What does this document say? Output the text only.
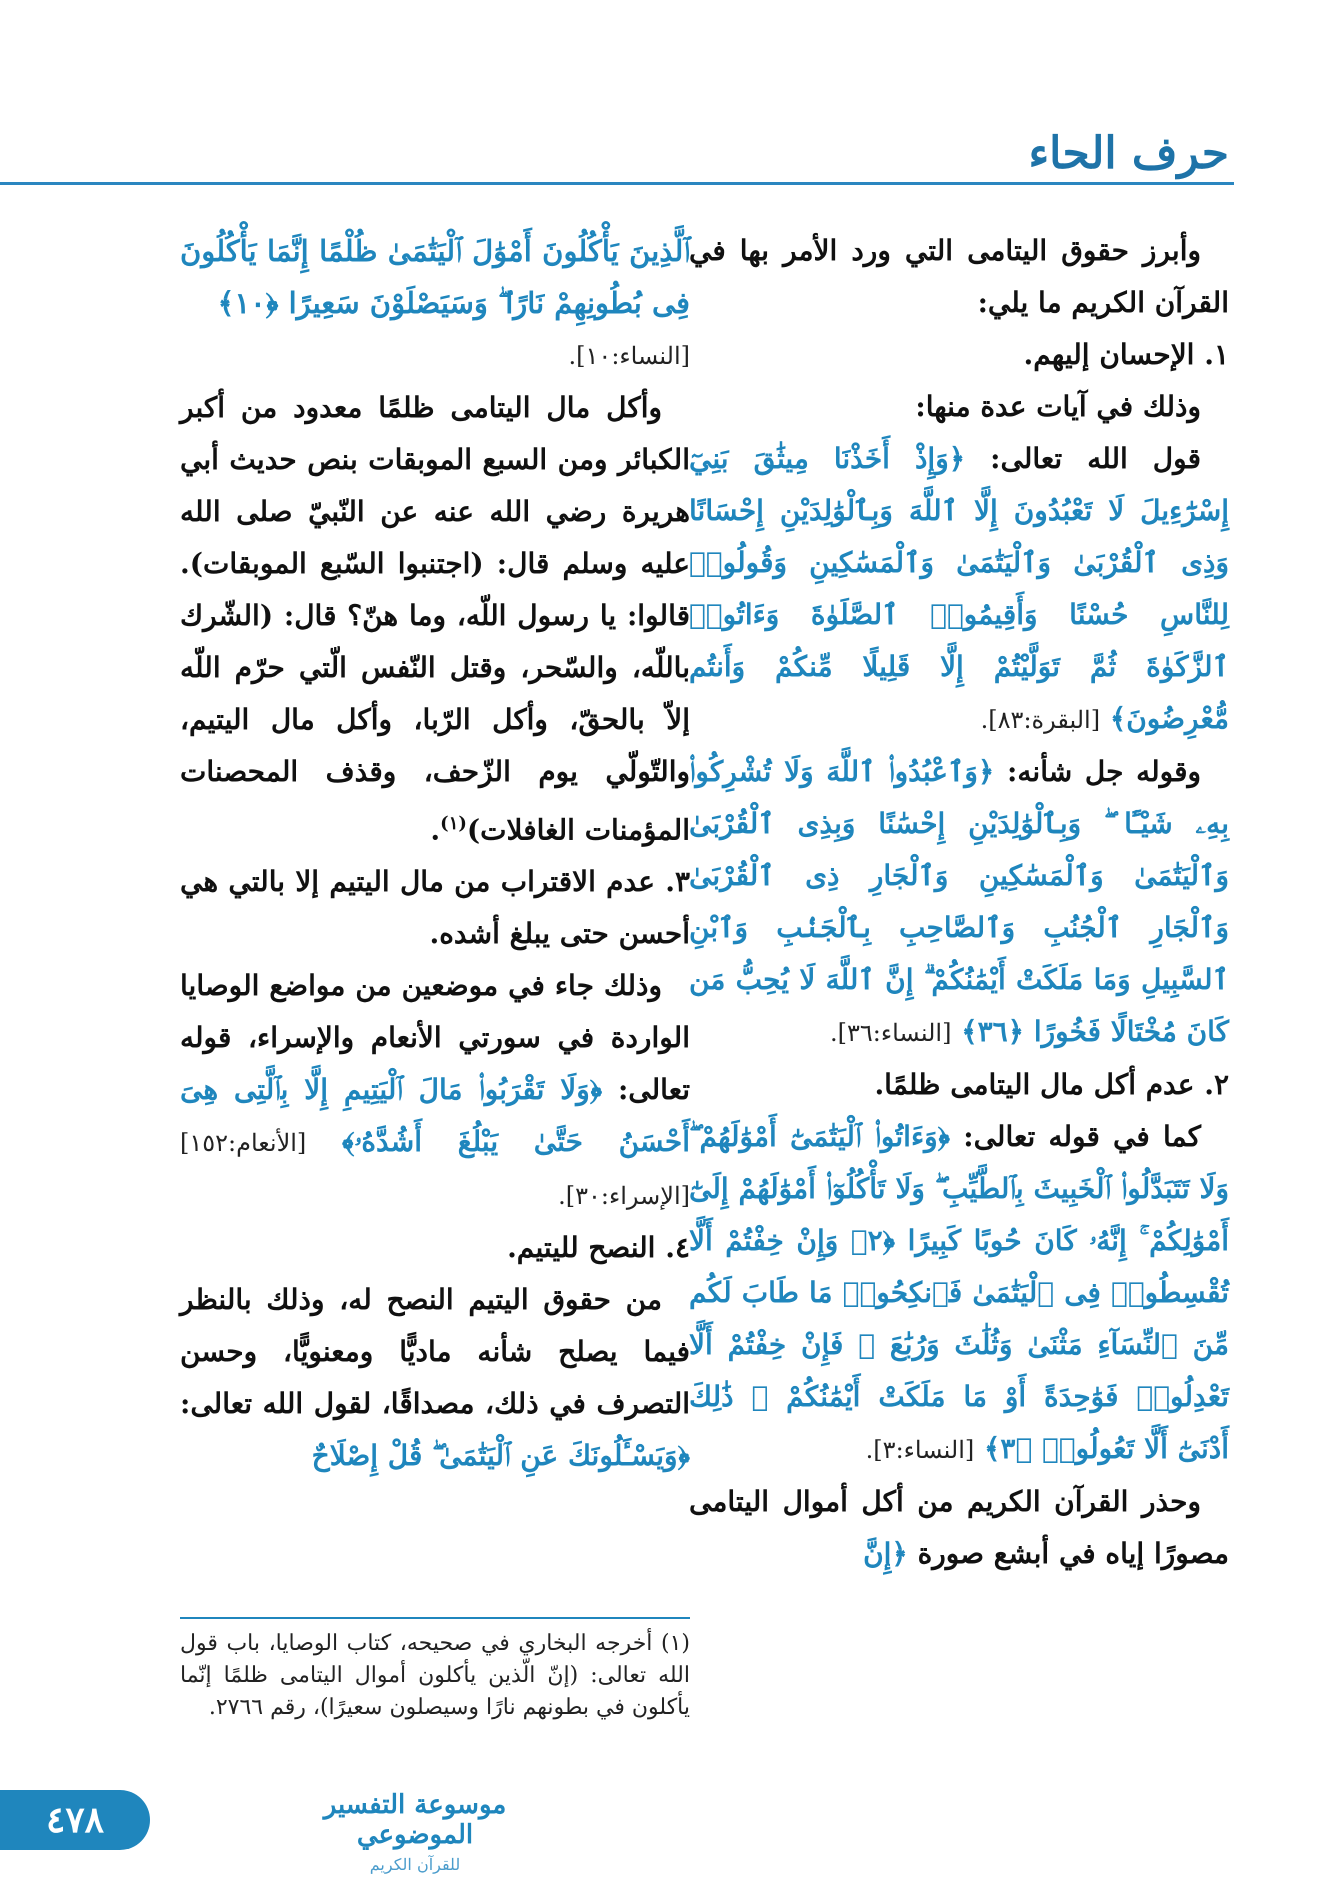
حرف الحاء

وأبرز حقوق اليتامى التي ورد الأمر بها في القرآن الكريم ما يلي:

١. الإحسان إليهم.

وذلك في آيات عدة منها:

قول الله تعالى: ﴿وَإِذْ أَخَذْنَا مِيثَٰقَ بَنِيٓ إِسْرَٰٓءِيلَ لَا تَعْبُدُونَ إِلَّا ٱللَّهَ وَبِٱلْوَٰلِدَيْنِ إِحْسَانًا وَذِى ٱلْقُرْبَىٰ وَٱلْيَتَٰمَىٰ وَٱلْمَسَٰكِينِ وَقُولُوا۟ لِلنَّاسِ حُسْنًا وَأَقِيمُوا۟ ٱلصَّلَوٰةَ وَءَاتُوا۟ ٱلزَّكَوٰةَ ثُمَّ تَوَلَّيْتُمْ إِلَّا قَلِيلًا مِّنكُمْ وَأَنتُم مُّعْرِضُونَ﴾ [البقرة:٨٣].

وقوله جل شأنه: ﴿وَٱعْبُدُوا۟ ٱللَّهَ وَلَا تُشْرِكُوا۟ بِهِۦ شَيْـًٔا ۖ وَبِٱلْوَٰلِدَيْنِ إِحْسَٰنًا وَبِذِى ٱلْقُرْبَىٰ وَٱلْيَتَٰمَىٰ وَٱلْمَسَٰكِينِ وَٱلْجَارِ ذِى ٱلْقُرْبَىٰ وَٱلْجَارِ ٱلْجُنُبِ وَٱلصَّاحِبِ بِٱلْجَنۢبِ وَٱبْنِ ٱلسَّبِيلِ وَمَا مَلَكَتْ أَيْمَٰنُكُمْ ۗ إِنَّ ٱللَّهَ لَا يُحِبُّ مَن كَانَ مُخْتَالًا فَخُورًا ﴿٣٦﴾ [النساء:٣٦].

٢. عدم أكل مال اليتامى ظلمًا.

كما في قوله تعالى: ﴿وَءَاتُوا۟ ٱلْيَتَٰمَىٰٓ أَمْوَٰلَهُمْ ۖ وَلَا تَتَبَدَّلُوا۟ ٱلْخَبِيثَ بِٱلطَّيِّبِ ۖ وَلَا تَأْكُلُوٓا۟ أَمْوَٰلَهُمْ إِلَىٰٓ أَمْوَٰلِكُمْ ۚ إِنَّهُۥ كَانَ حُوبًا كَبِيرًا ﴿٢﴾ وَإِنْ خِفْتُمْ أَلَّا تُقْسِطُوا۟ فِى ٱلْيَتَٰمَىٰ فَٱنكِحُوا۟ مَا طَابَ لَكُم مِّنَ ٱلنِّسَآءِ مَثْنَىٰ وَثُلَٰثَ وَرُبَٰعَ ۖ فَإِنْ خِفْتُمْ أَلَّا تَعْدِلُوا۟ فَوَٰحِدَةً أَوْ مَا مَلَكَتْ أَيْمَٰنُكُمْ ۚ ذَٰلِكَ أَدْنَىٰٓ أَلَّا تَعُولُوا۟ ﴿٣﴾ [النساء:٣].

وحذر القرآن الكريم من أكل أموال اليتامى مصورًا إياه في أبشع صورة ﴿إِنَّ

ٱلَّذِينَ يَأْكُلُونَ أَمْوَٰلَ ٱلْيَتَٰمَىٰ ظُلْمًا إِنَّمَا يَأْكُلُونَ فِى بُطُونِهِمْ نَارًا ۖ وَسَيَصْلَوْنَ سَعِيرًا ﴿١٠﴾

[النساء:١٠].

وأكل مال اليتامى ظلمًا معدود من أكبر الكبائر ومن السبع الموبقات بنص حديث أبي هريرة رضي الله عنه عن النّبيّ صلى الله عليه وسلم قال: (اجتنبوا السّبع الموبقات). قالوا: يا رسول اللّه، وما هنّ؟ قال: (الشّرك باللّه، والسّحر، وقتل النّفس الّتي حرّم اللّه إلاّ بالحقّ، وأكل الرّبا، وأكل مال اليتيم، والتّولّي يوم الزّحف، وقذف المحصنات المؤمنات الغافلات)$^{(١)}$.

٣. عدم الاقتراب من مال اليتيم إلا بالتي هي أحسن حتى يبلغ أشده.

وذلك جاء في موضعين من مواضع الوصايا الواردة في سورتي الأنعام والإسراء، قوله تعالى: ﴿وَلَا تَقْرَبُوا۟ مَالَ ٱلْيَتِيمِ إِلَّا بِٱلَّتِى هِىَ أَحْسَنُ حَتَّىٰ يَبْلُغَ أَشُدَّهُۥ﴾ [الأنعام:١٥٢] [الإسراء:٣٠].

٤. النصح لليتيم.

من حقوق اليتيم النصح له، وذلك بالنظر فيما يصلح شأنه ماديًّا ومعنويًّا، وحسن التصرف في ذلك، مصداقًا، لقول الله تعالى: ﴿وَيَسْـَٔلُونَكَ عَنِ ٱلْيَتَٰمَىٰ ۖ قُلْ إِصْلَاحٌ

(١) أخرجه البخاري في صحيحه، كتاب الوصايا، باب قول الله تعالى: (إنّ الّذين يأكلون أموال اليتامى ظلمًا إنّما يأكلون في بطونهم نارًا وسيصلون سعيرًا)، رقم ٢٧٦٦.
موسوعة التفسير الموضوعي
للقرآن الكريم
٤٧٨
